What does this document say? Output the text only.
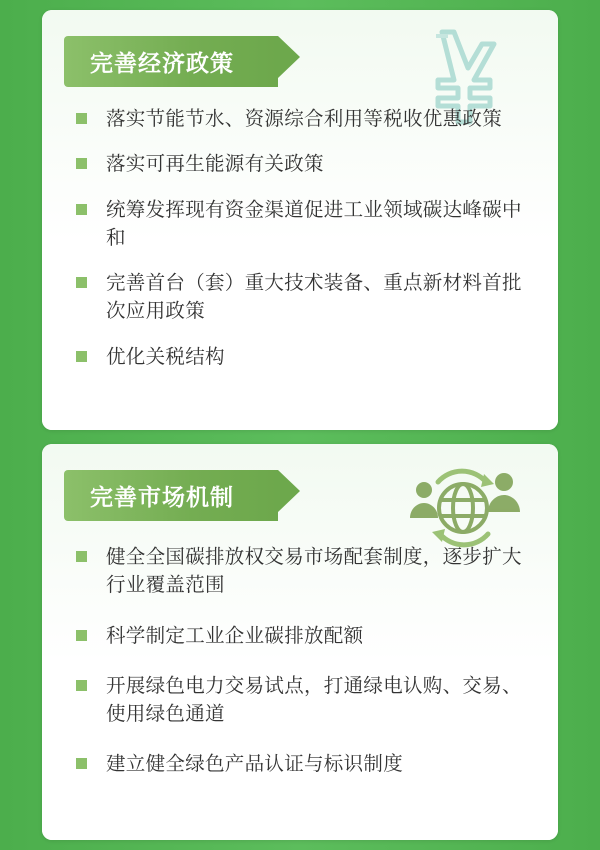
完善经济政策
落实节能节水、资源综合利用等税收优惠政策
落实可再生能源有关政策
统筹发挥现有资金渠道促进工业领域碳达峰碳中和
完善首台（套）重大技术装备、重点新材料首批次应用政策
优化关税结构
完善市场机制
健全全国碳排放权交易市场配套制度，逐步扩大行业覆盖范围
科学制定工业企业碳排放配额
开展绿色电力交易试点，打通绿电认购、交易、使用绿色通道
建立健全绿色产品认证与标识制度
